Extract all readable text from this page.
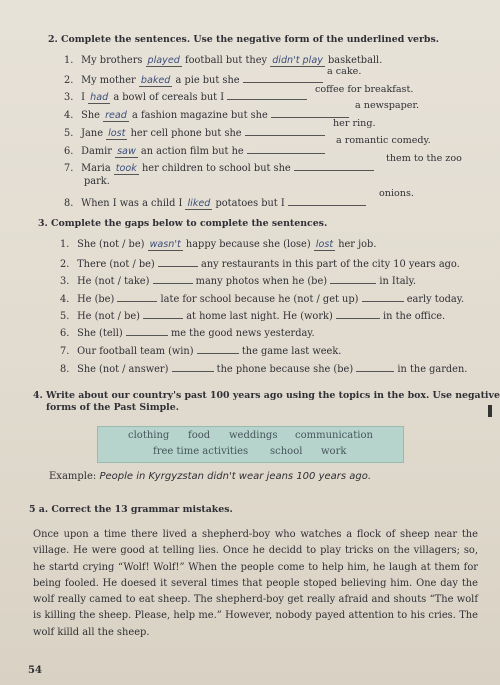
2. Complete the sentences. Use the negative form of the underlined verbs.
1. My brothers played football but they didn't play basketball.
2. My mother baked a pie but she
a cake.
3. I had a bowl of cereals but I
coffee for breakfast.
4. She read a fashion magazine but she
a newspaper.
5. Jane lost her cell phone but she
her ring.
6. Damir saw an action film but he
a romantic comedy.
7. Maria took her children to school but she
them to the zoo
park.
8. When I was a child I liked potatoes but I
onions.
3. Complete the gaps below to complete the sentences.
1. She (not / be) wasn't happy because she (lose) lost her job.
2. There (not / be)	any restaurants in this part of the city 10 years ago.
3. He (not / take)	many photos when he (be)	in Italy.
4. He (be)	late for school because he (not / get up)	early today.
5. He (not / be)	at home last night. He (work)	in the office.
6. She (tell)	me the good news yesterday.
7. Our football team (win)	the game last week.
8. She (not / answer)	the phone because she (be)	in the garden.
4. Write about our country's past 100 years ago using the topics in the box. Use negative
forms of the Past Simple.
clothing food weddings communication
free time activities school work
Example: People in Kyrgyzstan didn't wear jeans 100 years ago.
5 a. Correct the 13 grammar mistakes.
Once upon a time there lived a shepherd-boy who watches a flock of sheep near the village. He were good at telling lies. Once he decidd to play tricks on the villagers; so, he startd crying “Wolf! Wolf!” When the people come to help him, he laugh at them for being fooled. He doesed it several times that people stoped believing him. One day the wolf really camed to eat sheep. The shepherd-boy get really afraid and shouts “The wolf is killing the sheep. Please, help me.” However, nobody payed attention to his cries. The wolf killd all the sheep.
54
